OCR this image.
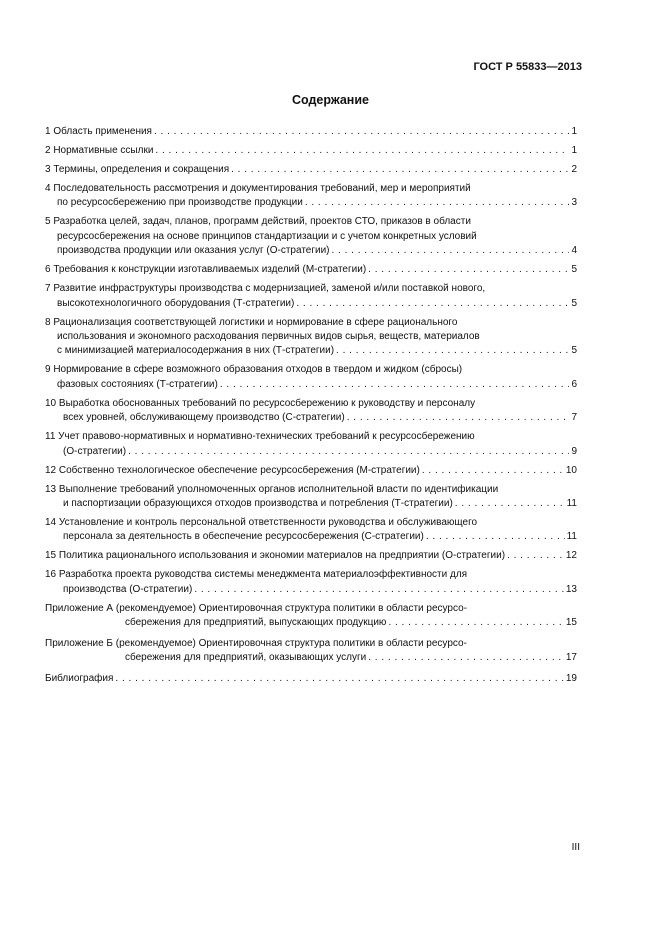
ГОСТ Р 55833—2013
Содержание
1 Область применения . . .	1
2 Нормативные ссылки . . .	1
3 Термины, определения и сокращения . . .	2
4 Последовательность рассмотрения и документирования требований, мер и мероприятий
по ресурсосбережению при производстве продукции . . .	3
5 Разработка целей, задач, планов, программ действий, проектов СТО, приказов в области
ресурсосбережения на основе принципов стандартизации и с учетом конкретных условий
производства продукции или оказания услуг (О-стратегии) . . .	4
6 Требования к конструкции изготавливаемых изделий (М-стратегии) . . .	5
7 Развитие инфраструктуры производства с модернизацией, заменой и/или поставкой нового,
высокотехнологичного оборудования (Т-стратегии) . . .	5
8 Рационализация соответствующей логистики и нормирование в сфере рационального
использования и экономного расходования первичных видов сырья, веществ, материалов
с минимизацией материалосодержания в них (Т-стратегии) . . .	5
9 Нормирование в сфере возможного образования отходов в твердом и жидком (сбросы)
фазовых состояниях (Т-стратегии) . . .	6
10 Выработка обоснованных требований по ресурсосбережению к руководству и персоналу
всех уровней, обслуживающему производство (С-стратегии) . . .	7
11 Учет правово-нормативных и нормативно-технических требований к ресурсосбережению
(О-стратегии) . . .	9
12 Собственно технологическое обеспечение ресурсосбережения (М-стратегии) . . .	10
13 Выполнение требований уполномоченных органов исполнительной власти по идентификации
и паспортизации образующихся отходов производства и потребления (Т-стратегии) . . .	11
14 Установление и контроль персональной ответственности руководства и обслуживающего
персонала за деятельность в обеспечение ресурсосбережения (С-стратегии) . . .	11
15 Политика рационального использования и экономии материалов на предприятии (О-стратегии) . . .	12
16 Разработка проекта руководства системы менеджмента материалоэффективности для
производства (О-стратегии) . . .	13
Приложение А (рекомендуемое) Ориентировочная структура политики в области ресурсо-
сбережения для предприятий, выпускающих продукцию . . .	15
Приложение Б (рекомендуемое) Ориентировочная структура политики в области ресурсо-
сбережения для предприятий, оказывающих услуги . . .	17
Библиография . . .	19
III
